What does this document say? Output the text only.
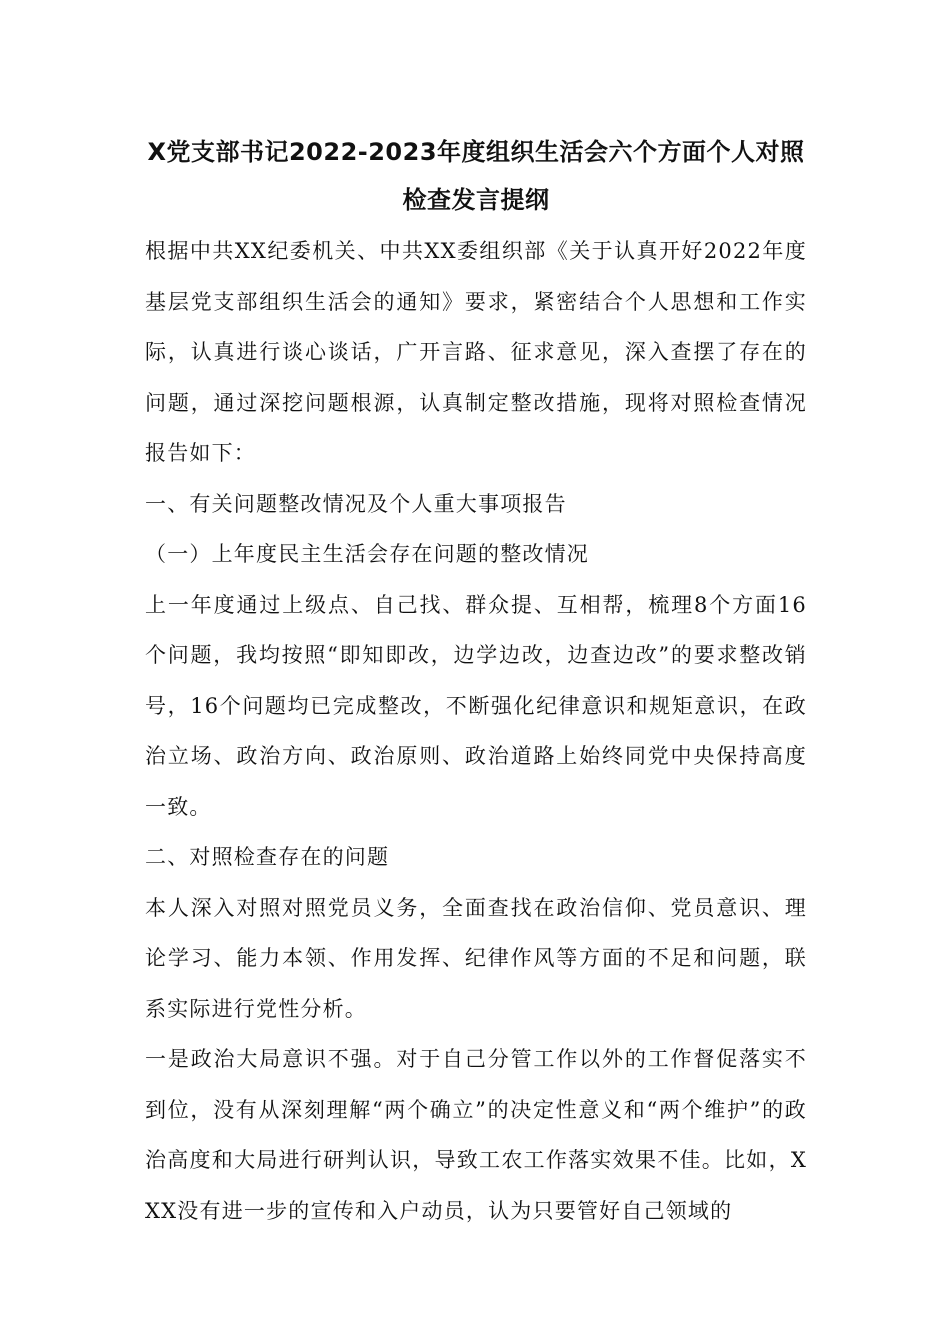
X党支部书记2022-2023年度组织生活会六个方面个人对照
检查发言提纲

根据中共XX纪委机关、中共XX委组织部《关于认真开好2022年度基层党支部组织生活会的通知》要求，紧密结合个人思想和工作实际，认真进行谈心谈话，广开言路、征求意见，深入查摆了存在的问题，通过深挖问题根源，认真制定整改措施，现将对照检查情况报告如下：

一、有关问题整改情况及个人重大事项报告

（一）上年度民主生活会存在问题的整改情况

上一年度通过上级点、自己找、群众提、互相帮，梳理8个方面16个问题，我均按照“即知即改，边学边改，边查边改”的要求整改销号，16个问题均已完成整改，不断强化纪律意识和规矩意识，在政治立场、政治方向、政治原则、政治道路上始终同党中央保持高度一致。

二、对照检查存在的问题

本人深入对照对照党员义务，全面查找在政治信仰、党员意识、理论学习、能力本领、作用发挥、纪律作风等方面的不足和问题，联系实际进行党性分析。

一是政治大局意识不强。对于自己分管工作以外的工作督促落实不到位，没有从深刻理解“两个确立”的决定性意义和“两个维护”的政治高度和大局进行研判认识，导致工农工作落实效果不佳。比如，XXX没有进一步的宣传和入户动员，认为只要管好自己领域的
